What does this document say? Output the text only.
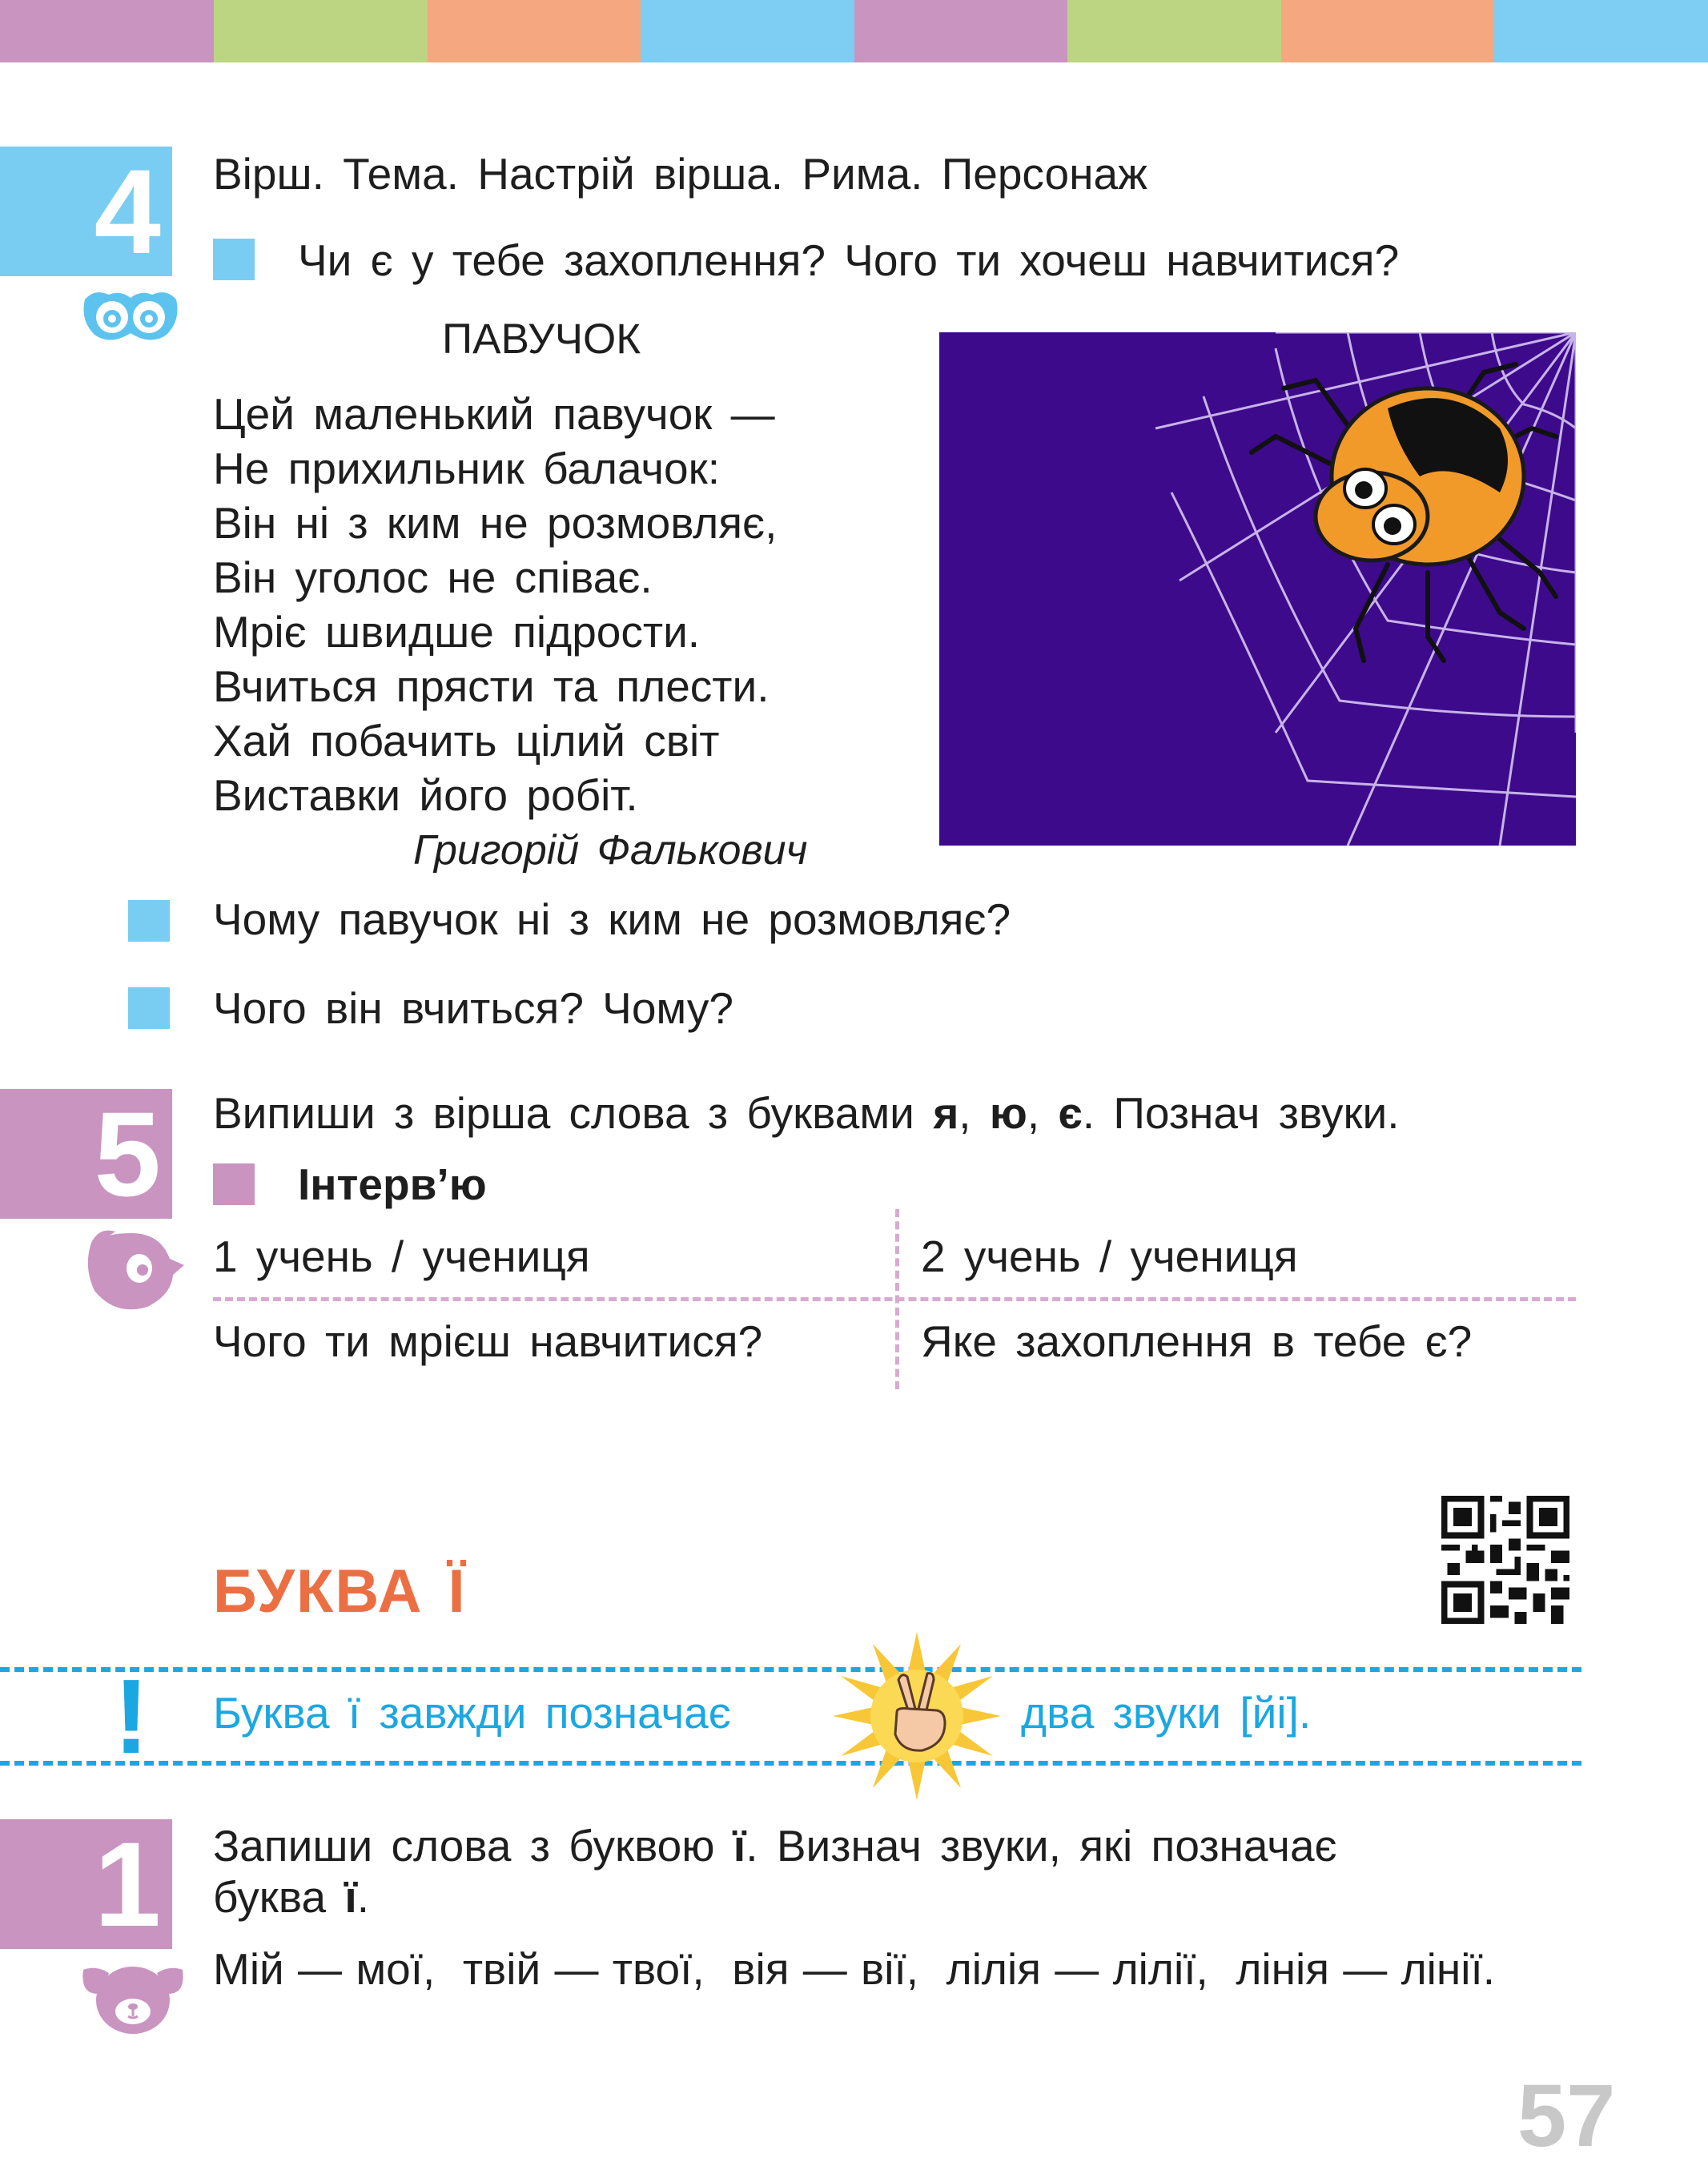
4 Вірш. Тема. Настрій вірша. Рима. Персонаж
Чи є у тебе захоплення? Чого ти хочеш навчитися?
ПАВУЧОК
Цей маленький павучок —
Не прихильник балачок:
Він ні з ким не розмовляє,
Він уголос не співає.
Мріє швидше підрости.
Вчиться прясти та плести.
Хай побачить цілий світ
Виставки його робіт.
Григорій Фалькович
Чому павучок ні з ким не розмовляє?
Чого він вчиться? Чому?
5 Випиши з вірша слова з буквами я, ю, є. Познач звуки.
Інтерв’ю
1 учень / учениця	2 учень / учениця
Чого ти мрієш навчитися?	Яке захоплення в тебе є?
БУКВА Ї
! Буква ї завжди позначає	два звуки [йі].
1 Запиши слова з буквою ї. Визнач звуки, які позначає
буква ї.
Мій — мої,  твій — твої,  вія — вії,  лілія — лілії,  лінія — лінії.
57
